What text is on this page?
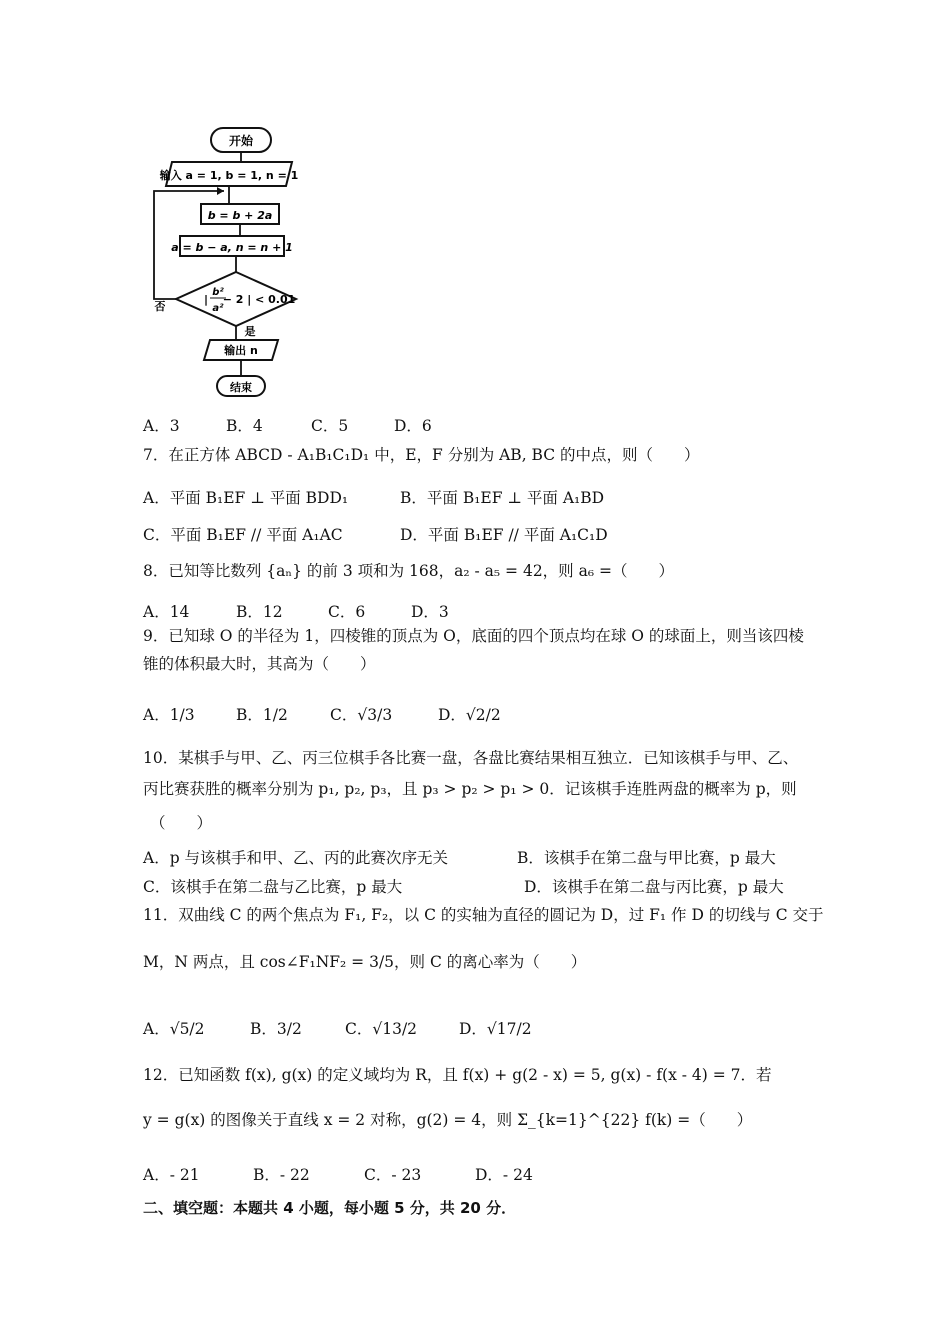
开始
输入 a = 1, b = 1, n = 1
b = b + 2a
a = b − a, n = n + 1
|
b²
a²
− 2 | < 0.01
否
是
输出 n
结束
A．3	B．4	C．5	D．6
7．在正方体 ABCD - A₁B₁C₁D₁ 中，E，F 分别为 AB, BC 的中点，则（　　）
A．平面 B₁EF ⊥ 平面 BDD₁	B．平面 B₁EF ⊥ 平面 A₁BD
C．平面 B₁EF // 平面 A₁AC	D．平面 B₁EF // 平面 A₁C₁D
8．已知等比数列 {aₙ} 的前 3 项和为 168，a₂ - a₅ = 42，则 a₆ =（　　）
A．14	B．12	C．6	D．3
9．已知球 O 的半径为 1，四棱锥的顶点为 O，底面的四个顶点均在球 O 的球面上，则当该四棱
锥的体积最大时，其高为（　　）
A．1/3	B．1/2	C．√3/3	D．√2/2
10．某棋手与甲、乙、丙三位棋手各比赛一盘，各盘比赛结果相互独立．已知该棋手与甲、乙、
丙比赛获胜的概率分别为 p₁, p₂, p₃，且 p₃ > p₂ > p₁ > 0．记该棋手连胜两盘的概率为 p，则
（　　）
A．p 与该棋手和甲、乙、丙的此赛次序无关	B．该棋手在第二盘与甲比赛，p 最大
C．该棋手在第二盘与乙比赛，p 最大	D．该棋手在第二盘与丙比赛，p 最大
11．双曲线 C 的两个焦点为 F₁, F₂，以 C 的实轴为直径的圆记为 D，过 F₁ 作 D 的切线与 C 交于
M，N 两点，且 cos∠F₁NF₂ = 3/5，则 C 的离心率为（　　）
A．√5/2	B．3/2	C．√13/2	D．√17/2
12．已知函数 f(x), g(x) 的定义域均为 R，且 f(x) + g(2 - x) = 5, g(x) - f(x - 4) = 7．若
y = g(x) 的图像关于直线 x = 2 对称，g(2) = 4，则 Σ_{k=1}^{22} f(k) =（　　）
A．- 21	B．- 22	C．- 23	D．- 24
二、填空题：本题共 4 小题，每小题 5 分，共 20 分．
